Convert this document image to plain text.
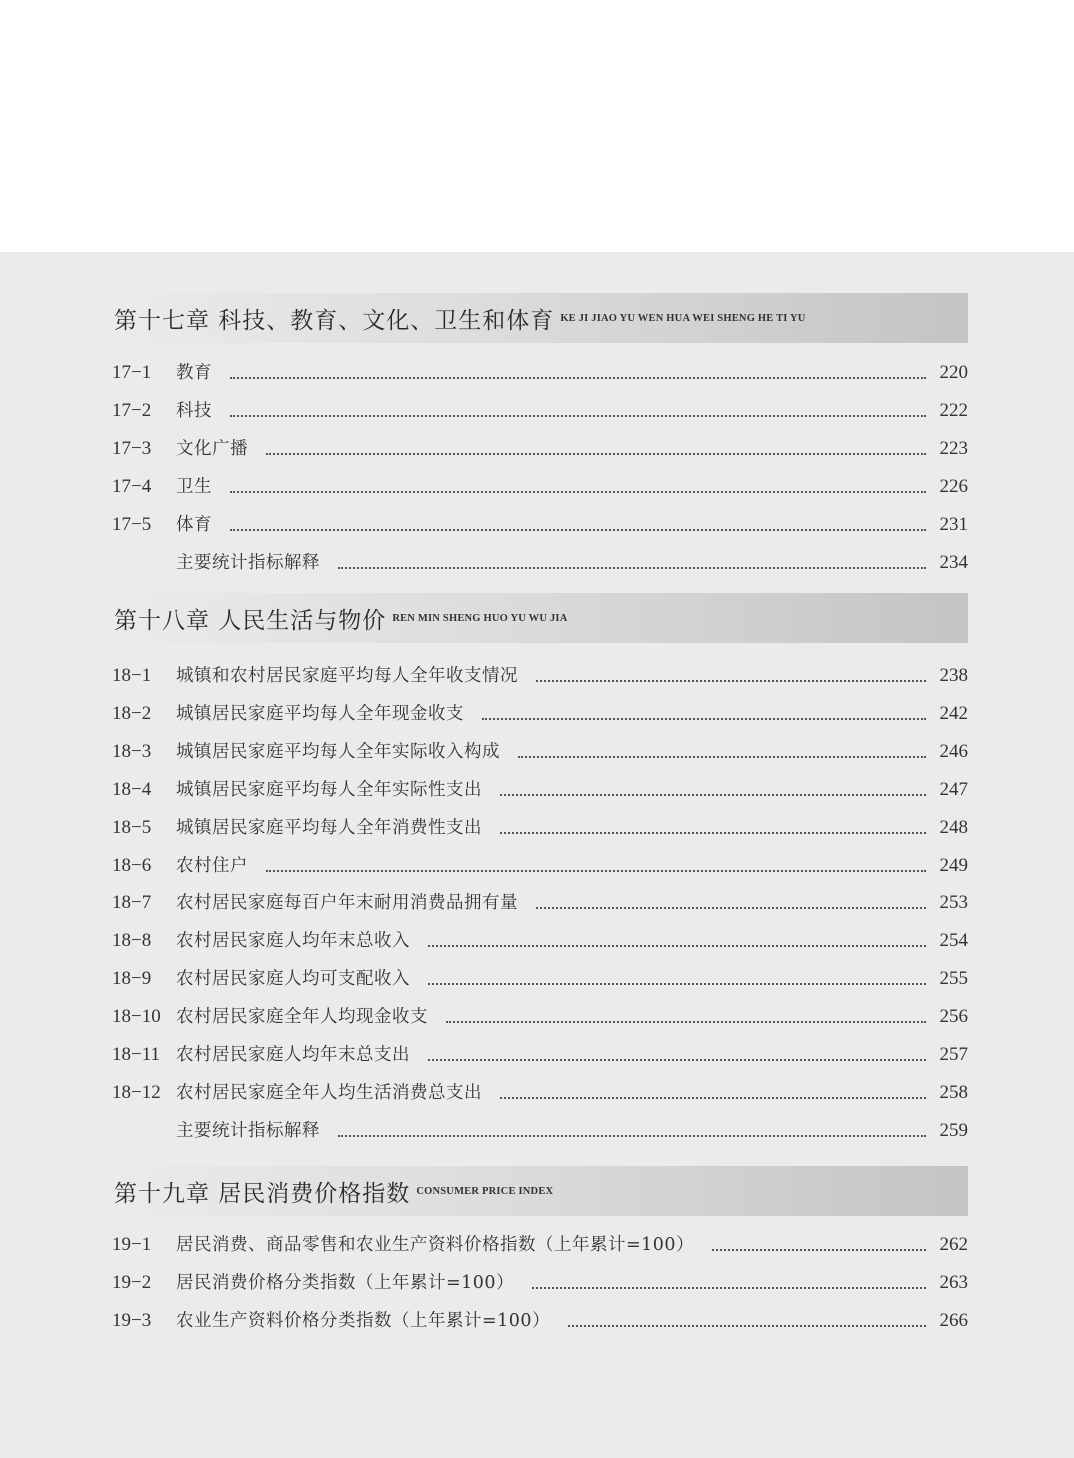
第十七章 科技、教育、文化、卫生和体育 KE JI JIAO YU WEN HUA WEI SHENG HE TI YU
17−1	教育	220
17−2	科技	222
17−3	文化广播	223
17−4	卫生	226
17−5	体育	231
主要统计指标解释	234
第十八章 人民生活与物价 REN MIN SHENG HUO YU WU JIA
18−1	城镇和农村居民家庭平均每人全年收支情况	238
18−2	城镇居民家庭平均每人全年现金收支	242
18−3	城镇居民家庭平均每人全年实际收入构成	246
18−4	城镇居民家庭平均每人全年实际性支出	247
18−5	城镇居民家庭平均每人全年消费性支出	248
18−6	农村住户	249
18−7	农村居民家庭每百户年末耐用消费品拥有量	253
18−8	农村居民家庭人均年末总收入	254
18−9	农村居民家庭人均可支配收入	255
18−10 农村居民家庭全年人均现金收支	256
18−11 农村居民家庭人均年末总支出	257
18−12 农村居民家庭全年人均生活消费总支出	258
主要统计指标解释	259
第十九章 居民消费价格指数 CONSUMER PRICE INDEX
19−1	居民消费、商品零售和农业生产资料价格指数（上年累计=100）	262
19−2	居民消费价格分类指数（上年累计=100）	263
19−3	农业生产资料价格分类指数（上年累计=100）	266
